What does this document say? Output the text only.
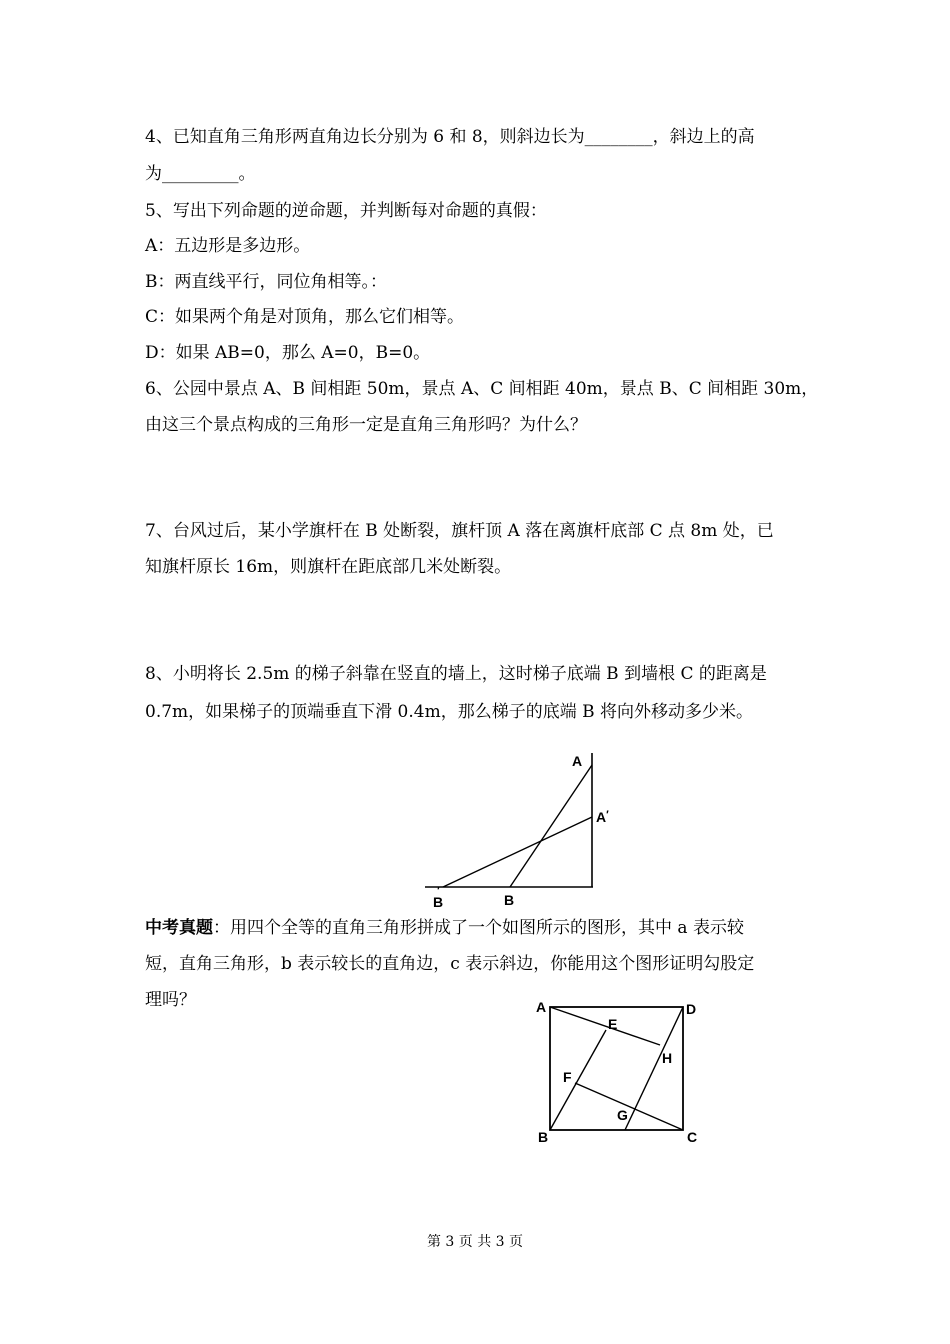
4、已知直角三角形两直角边长分别为 6 和 8，则斜边长为________，斜边上的高
为_________。
5、写出下列命题的逆命题，并判断每对命题的真假：
A：五边形是多边形。
B：两直线平行，同位角相等。：
C：如果两个角是对顶角，那么它们相等。
D：如果 AB=0，那么 A=0，B=0。
6、公园中景点 A、B 间相距 50m，景点 A、C 间相距 40m，景点 B、C 间相距 30m，
由这三个景点构成的三角形一定是直角三角形吗？为什么？
7、台风过后，某小学旗杆在 B 处断裂，旗杆顶 A 落在离旗杆底部 C 点 8m 处，已
知旗杆原长 16m，则旗杆在距底部几米处断裂。
8、小明将长 2.5m 的梯子斜靠在竖直的墙上，这时梯子底端 B 到墙根 C 的距离是
0.7m，如果梯子的顶端垂直下滑 0.4m，那么梯子的底端 B 将向外移动多少米。
A
A′
B
B′
中考真题：用四个全等的直角三角形拼成了一个如图所示的图形，其中 a 表示较
短，直角三角形，b 表示较长的直角边，c 表示斜边，你能用这个图形证明勾股定
理吗？	A	D
B	C
E
H
F
G
第 3 页 共 3 页
